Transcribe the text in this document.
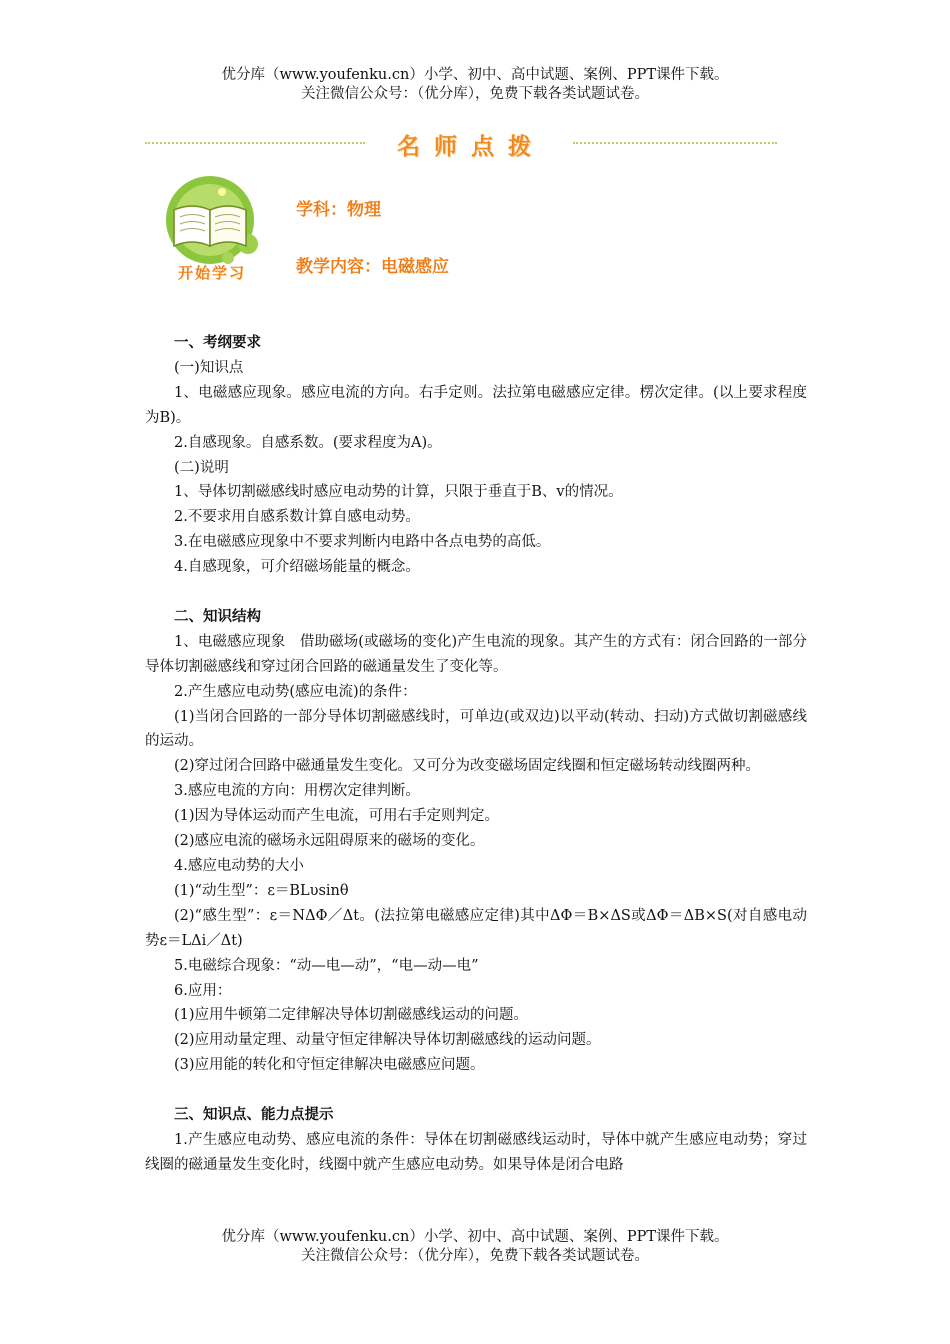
优分库（www.youfenku.cn）小学、初中、高中试题、案例、PPT课件下载。
关注微信公众号：（优分库），免费下载各类试题试卷。
名师点拨
开始学习
学科：物理
教学内容：电磁感应

一、考纲要求

(一)知识点

1、电磁感应现象。感应电流的方向。右手定则。法拉第电磁感应定律。楞次定律。(以上要求程度为B)。

2.自感现象。自感系数。(要求程度为A)。

(二)说明

1、导体切割磁感线时感应电动势的计算，只限于垂直于B、v的情况。

2.不要求用自感系数计算自感电动势。

3.在电磁感应现象中不要求判断内电路中各点电势的高低。

4.自感现象，可介绍磁场能量的概念。

二、知识结构

1、电磁感应现象　借助磁场(或磁场的变化)产生电流的现象。其产生的方式有：闭合回路的一部分导体切割磁感线和穿过闭合回路的磁通量发生了变化等。

2.产生感应电动势(感应电流)的条件：

(1)当闭合回路的一部分导体切割磁感线时，可单边(或双边)以平动(转动、扫动)方式做切割磁感线的运动。

(2)穿过闭合回路中磁通量发生变化。又可分为改变磁场固定线圈和恒定磁场转动线圈两种。

3.感应电流的方向：用楞次定律判断。

(1)因为导体运动而产生电流，可用右手定则判定。

(2)感应电流的磁场永远阻碍原来的磁场的变化。

4.感应电动势的大小

(1)“动生型”：ε＝BLυsinθ

(2)“感生型”：ε＝NΔΦ／Δt。(法拉第电磁感应定律)其中ΔΦ＝B×ΔS或ΔΦ＝ΔB×S(对自感电动势ε＝LΔi／Δt)

5.电磁综合现象：“动—电—动”，“电—动—电”

6.应用：

(1)应用牛顿第二定律解决导体切割磁感线运动的问题。

(2)应用动量定理、动量守恒定律解决导体切割磁感线的运动问题。

(3)应用能的转化和守恒定律解决电磁感应问题。

三、知识点、能力点提示

1.产生感应电动势、感应电流的条件：导体在切割磁感线运动时，导体中就产生感应电动势；穿过线圈的磁通量发生变化时，线圈中就产生感应电动势。如果导体是闭合电路

优分库（www.youfenku.cn）小学、初中、高中试题、案例、PPT课件下载。
关注微信公众号：（优分库），免费下载各类试题试卷。
